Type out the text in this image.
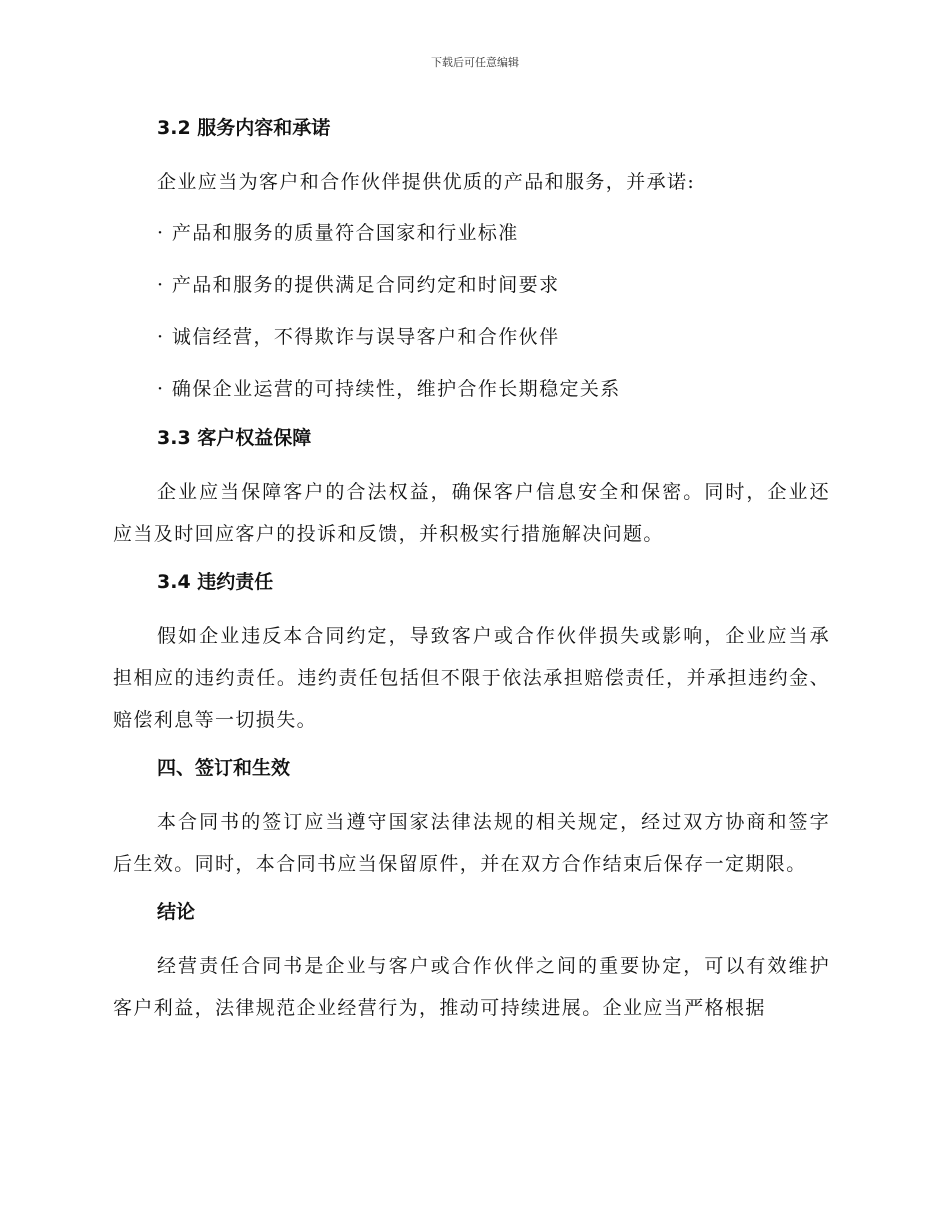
下载后可任意编辑
3.2 服务内容和承诺
企业应当为客户和合作伙伴提供优质的产品和服务，并承诺:
· 产品和服务的质量符合国家和行业标准
· 产品和服务的提供满足合同约定和时间要求
· 诚信经营，不得欺诈与误导客户和合作伙伴
· 确保企业运营的可持续性，维护合作长期稳定关系
3.3 客户权益保障
企业应当保障客户的合法权益，确保客户信息安全和保密。同时，企业还应当及时回应客户的投诉和反馈，并积极实行措施解决问题。
3.4 违约责任
假如企业违反本合同约定，导致客户或合作伙伴损失或影响，企业应当承担相应的违约责任。违约责任包括但不限于依法承担赔偿责任，并承担违约金、赔偿利息等一切损失。
四、签订和生效
本合同书的签订应当遵守国家法律法规的相关规定，经过双方协商和签字后生效。同时，本合同书应当保留原件，并在双方合作结束后保存一定期限。
结论
经营责任合同书是企业与客户或合作伙伴之间的重要协定，可以有效维护客户利益，法律规范企业经营行为，推动可持续进展。企业应当严格根据
